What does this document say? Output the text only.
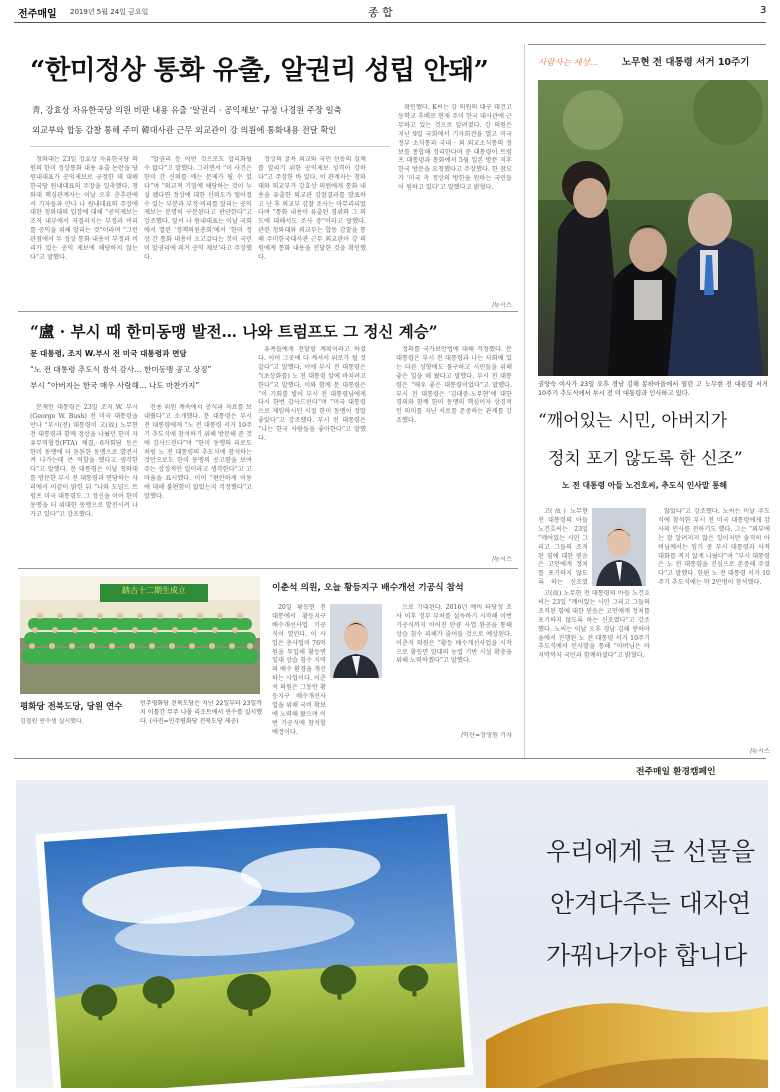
전주매일 2019년 5월 24일 금요일	종 합	3
“한미정상 통화 유출, 알권리 성립 안돼”
靑, 강효상 자유한국당 의원 비판 내용 유출 ‘알권리 · 공익제보’ 규정 나경원 주장 일축
외교부와 합동 감찰 통해 주미 韓대사관 근무 외교관이 강 의원에 통화내용 전달 확인

청와대는 23일 강효상 자유한국당 의원의 한미 정상통화 내용 유출 논란을 당 원내대표가 공익제보로 규정한 데 대해 한국당 원내대표의 주장을 일축했다. 청와대 핵심관계자는 이날 오후 춘추관에서 기자들과 만나 나 원내대표의 주장에 대한 청와대의 입장에 대해 “공익제보는 조직 내부에서 저질러지는 부정과 비리를 공익을 위해 알리는 것”이라며 “그런 관점에서 두 정상 통화 내용이 부정과 비리가 있는 공익 제보에 해당하지 않는다”고 말했다.

“알권리 등 어떤 것으로도 합리화될 수 없다”고 말했다. 그러면서 “이 사건은 한미 간 신뢰를 깨는 문제가 될 수 있다”며 “외교적 기밀에 해당하는 것이 누설 됐다면 정상에 대한 신뢰도가 떨어질 수 있는 부분과 부정·비리를 알리는 공익제보는 분명히 구분된다고 판단한다”고 강조했다. 앞서 나 원내대표는 이날 국회에서 열린 ‘정책의원총회’에서 ‘한미 정상 간 통화 내용이 오고갔다는 것이 국민이 알권리에 의거 공익 제보’라고 주장했다.

정상의 굴욕 외교와 국민 선동의 실체를 알리기 위한 공익제보 성격이 강하다”고 주장한 바 있다. 이 관계자는 청와대와 외교부가 강효상 의원에게 통화 내용을 유출한 외교관 감찰결과를 발표하고 난 후 외교부 감찰 조사는 마무리되었다며 “통화 내용이 유출된 경위와 그 의도에 대해서도 조사 중”이라고 말했다. 관련 청와대와 외교부는 합동 감찰을 통해 주미한국대사관 근무 외교관이 강 의원에게 통화 내용을 전달한 것을 확인했다.

확인했다. K씨는 강 의원의 대구 대건고등학교 후배로 현재 주미 한국 대사관에 근무하고 있는 것으로 알려졌다. 강 의원은 지난 9일 국회에서 기자회견을 열고 미국 정부 소식통과 국내 · 외 외교소식통의 정보를 종합해 정리한다며 문 대통령이 트럼프 대통령과 통화에서 5월 일본 방문 직후 한국 방문을 요청했다고 주장했다. 한 참모가 ‘미국 측 정상의 방한을 원하는 국민들이 원하고 있다’고 말했다고 밝혔다.

/뉴시스
“盧 · 부시 때 한미동맹 발전… 나와 트럼프도 그 정신 계승”
문 대통령, 조지 W.부시 전 미국 대통령과 면담
“노 전 대통령 추도식 참석 감사… 한미동맹 공고 상징”
부시 “아버지는 한국 매우 사랑해… 나도 마찬가지”

문재인 대통령은 23일 조지 W. 부시(George W. Bush) 전 미국 대통령을 만나 “부시(전) 대통령이 고(故) 노무현 전 대통령과 함께 정상을 나눴던 한미 자유무역협정(FTA) 체결, 6자회담 등은 한미 동맹에 더 튼튼한 동맹으로 발전시켜 나가는데 큰 역할을 했다고 생각한다”고 말했다. 문 대통령은 이날 청와대를 방문한 부시 전 대통령과 면담하는 자리에서 이같이 밝힌 뒤 “나와 도널드 트럼프 미국 대통령도 그 정신을 이어 한미 동맹을 더 위대한 동맹으로 발전시켜 나가고 있다”고 강조했다.

전용 위원 계속에서 공식과 자료를 보내줬다”고 소개했다. 문 대통령은 부시 전 대통령에게 “노 전 대통령 서거 10주기 추도식에 참석하기 위해 방문해 준 것에 감사드린다”며 “한미 동맹의 피로도처럼 노 전 대통령의 추도식에 참석하는 것만으로도 한미 동맹의 공고함을 보여주는 상징적인 일이라고 생각한다”고 고마움을 표시했다. 이어 “편안하게 이동에 대해 불편함이 없었는지 걱정했다”고 말했다.

유족들에게 전달할 계획이라고 하셨다. 이어 그곳에 다 계셔서 위로가 될 것 같다”고 말했다. 이에 부시 전 대통령은 “(초상화를) 노 전 대통령 앞에 바치려고 한다”고 말했다. 이와 함께 문 대통령은 “이 기회를 빌어 부시 전 대통령님에게 다시 한번 감사드린다”며 “미국 대통령으로 재임하시던 시절 한미 동맹이 정말 좋았다”고 강조했다. 부시 전 대통령은 “나는 한국 사람들을 좋아한다”고 말했다.

정의를 국가보안법에 대해 걱정했다. 문 대통령은 부시 전 대통령과 나는 사회에 있는 다른 성향에도 불구하고 시민들을 위해 좋은 일을 해 왔다고 말했다. 부시 전 대통령은 “매우 좋은 대통령이었다”고 말했다. 부시 전 대통령은 ‘김대중-노무현’에 대한 경의와 함께 한미 동맹의 핵심이자 상징적인 의미를 지닌 서로를 존중하는 관계를 강조했다.

/뉴시스
사람사는 세상… 노무현 전 대통령 서거 10주기
권양숙 여사가 23일 오후 경남 김해 봉하마을에서 열린 고 노무현 전 대통령 서거 10주기 추도식에서 부시 전 미 대통령과 인사하고 있다.
“깨어있는 시민, 아버지가
정치 포기 않도록 한 신조”
노 전 대통령 아들 노건호씨, 추도식 인사말 통해

고(故) 노무현 전 대통령의 아들 노건호씨는 23일 “깨어있는 시민 그리고 그들의 조직된 힘에 대한 믿음은 고인에게 정치를 포기하지 않도록 하는 신조였

고(故) 노무현 전 대통령의 아들 노건호씨는 23일 “깨어있는 시민 그리고 그들의 조직된 힘에 대한 믿음은 고인에게 정치를 포기하지 않도록 하는 신조였다”고 강조했다. 노씨는 이날 오후 경남 김해 봉하마을에서 진행된 노 전 대통령 서거 10주기 추도식에서 인사말을 통해 “아버님은 마지막까지 국민과 함께하셨다”고 밝혔다.

않았다”고 강조했다. 노씨는 이날 추도식에 참석한 부시 전 미국 대통령에게 감사의 인사를 전하기도 했다. 그는 “외부에는 잘 알려지지 않은 일이지만 솔직히 아버님께서는 임기 중 부시 대통령과 사적 대화를 적지 않게 나눴다”며 “부시 대통령은 노 전 대통령을 진심으로 존중해 주셨다”고 말했다. 한편 노 전 대통령 서거 10주기 추도식에는 약 2만명이 참석했다.

/뉴시스
踏古十二期生成立
평화당 전북도당, 당원 연수
김철원 연수생 실시했다.
민주평화당 전북도당은 지난 22일부터 23일까지 이틀간 무주 나폴 리조트에서 연수를 실시했다. (사진=민주평화당 전북도당 제공)
이춘석 의원, 오늘 황등지구 배수개선 기공식 참석

20일 황등면 천 대통에서 황등지구 배수개선사업 기공식이 열린다. 이 사업은 총사업비 76억원을 투입해 황등면 일대 상습 침수 지역의 배수 환경을 개선하는 사업이다. 이춘석 의원은 그동안 황등지구 배수개선사업을 위해 국비 확보에 노력해 왔으며 이번 기공식에 참석할 예정이다.

으로 기대된다. 2016년 예비 타당성 조사 이후 정부 부처를 설득하기 시작해 이번 기공식까지 이어진 만큼 사업 완공을 통해 상습 침수 피해가 줄어들 것으로 예상된다. 이춘석 의원은 “황등 배수개선사업을 시작으로 황등면 일대의 농업 기반 시설 확충을 위해 노력하겠다”고 말했다.

/익산=장영원 기자
전주매일 환경캠페인
우리에게 큰 선물을
안겨다주는 대자연
가꿔나가야 합니다
